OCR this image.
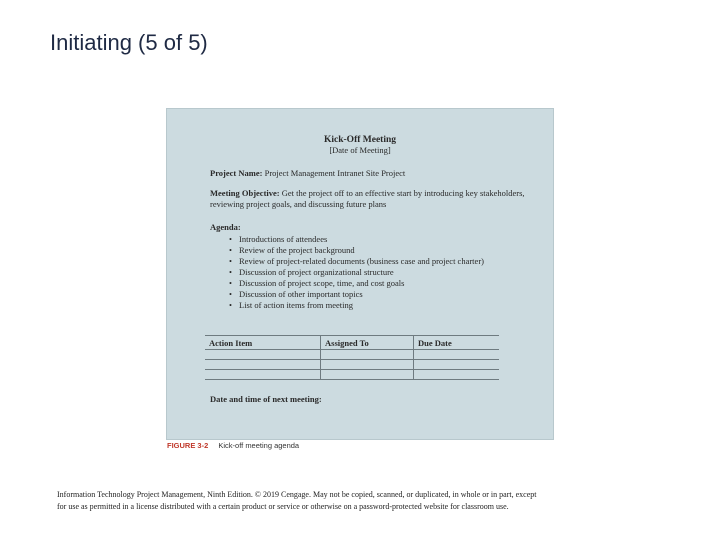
Initiating (5 of 5)
Kick-Off Meeting
[Date of Meeting]
Project Name: Project Management Intranet Site Project
Meeting Objective: Get the project off to an effective start by introducing key stakeholders, reviewing project goals, and discussing future plans
Agenda:
• Introductions of attendees
• Review of the project background
• Review of project-related documents (business case and project charter)
• Discussion of project organizational structure
• Discussion of project scope, time, and cost goals
• Discussion of other important topics
• List of action items from meeting
Action Item	Assigned To	Due Date

Date and time of next meeting:
FIGURE 3-2 Kick-off meeting agenda
Information Technology Project Management, Ninth Edition. © 2019 Cengage. May not be copied, scanned, or duplicated, in whole or in part, except
for use as permitted in a license distributed with a certain product or service or otherwise on a password-protected website for classroom use.
